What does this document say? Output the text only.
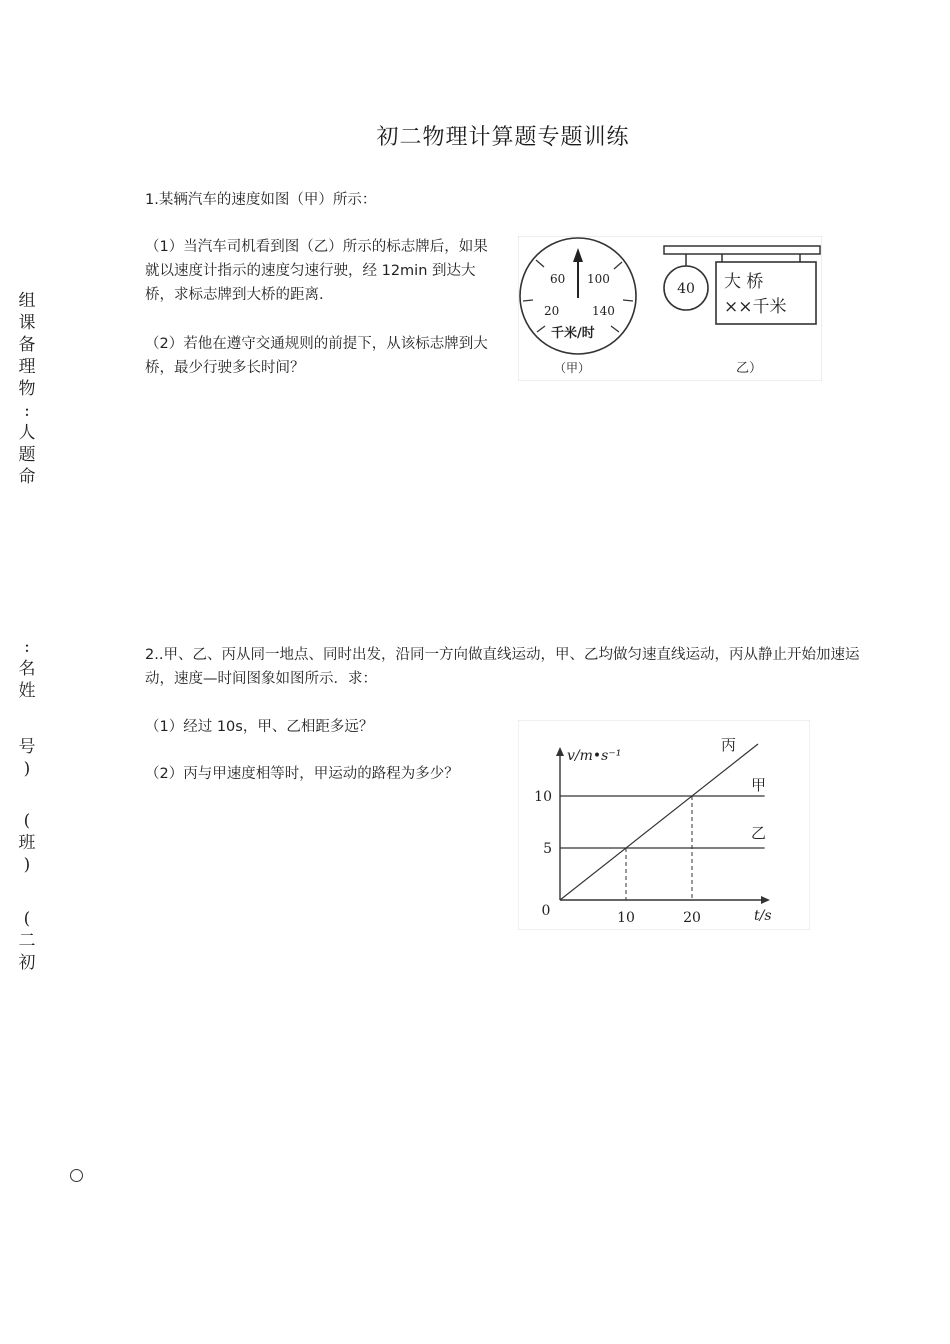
初二物理计算题专题训练
组
课
备
理
物
:
人
题
命
:
名
姓
号
)
(
班
)
(
二
初
1.某辆汽车的速度如图（甲）所示：
（1）当汽车司机看到图（乙）所示的标志牌后，如果就以速度计指示的速度匀速行驶，经 12min 到达大桥，求标志牌到大桥的距离.
（2）若他在遵守交通规则的前提下，从该标志牌到大桥，最少行驶多长时间？
60 100
20	140
千米/时
（甲）
40 大 桥
××千米
乙）
2..甲、乙、丙从同一地点、同时出发，沿同一方向做直线运动，甲、乙均做匀速直线运动，丙从静止开始加速运动，速度—时间图象如图所示．求：
（1）经过 10s，甲、乙相距多远？
（2）丙与甲速度相等时，甲运动的路程为多少？
丙
甲
乙
10	20
10
5
0
v/m•s⁻¹
t/s
